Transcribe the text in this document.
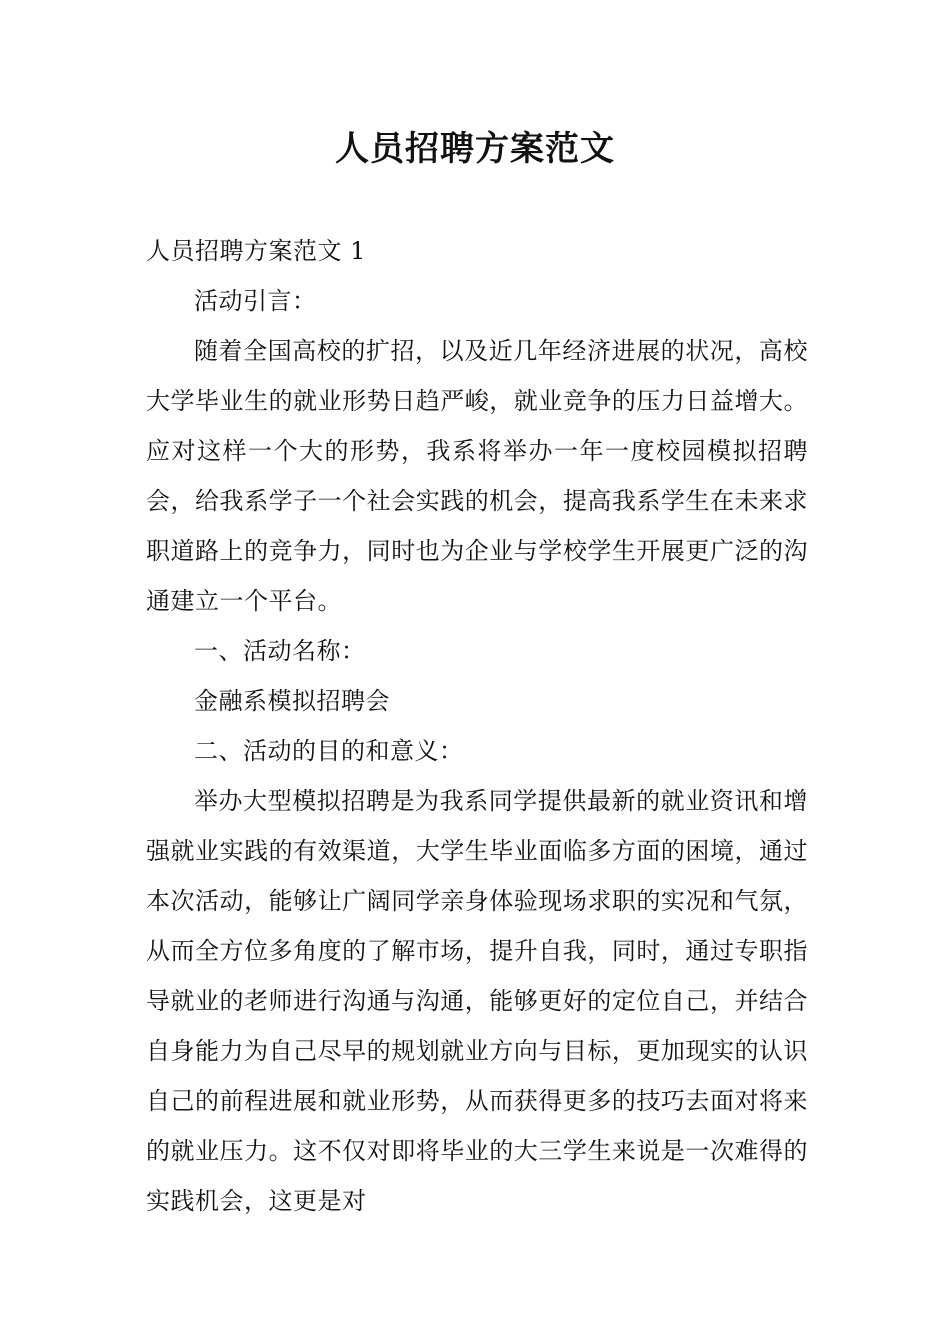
人员招聘方案范文

人员招聘方案范文 1

活动引言：

随着全国高校的扩招，以及近几年经济进展的状况，高校大学毕业生的就业形势日趋严峻，就业竞争的压力日益增大。应对这样一个大的形势，我系将举办一年一度校园模拟招聘会，给我系学子一个社会实践的机会，提高我系学生在未来求职道路上的竞争力，同时也为企业与学校学生开展更广泛的沟通建立一个平台。

一、活动名称：

金融系模拟招聘会

二、活动的目的和意义：

举办大型模拟招聘是为我系同学提供最新的就业资讯和增强就业实践的有效渠道，大学生毕业面临多方面的困境，通过本次活动，能够让广阔同学亲身体验现场求职的实况和气氛，从而全方位多角度的了解市场，提升自我，同时，通过专职指导就业的老师进行沟通与沟通，能够更好的定位自己，并结合自身能力为自己尽早的规划就业方向与目标，更加现实的认识自己的前程进展和就业形势，从而获得更多的技巧去面对将来的就业压力。这不仅对即将毕业的大三学生来说是一次难得的实践机会，这更是对
